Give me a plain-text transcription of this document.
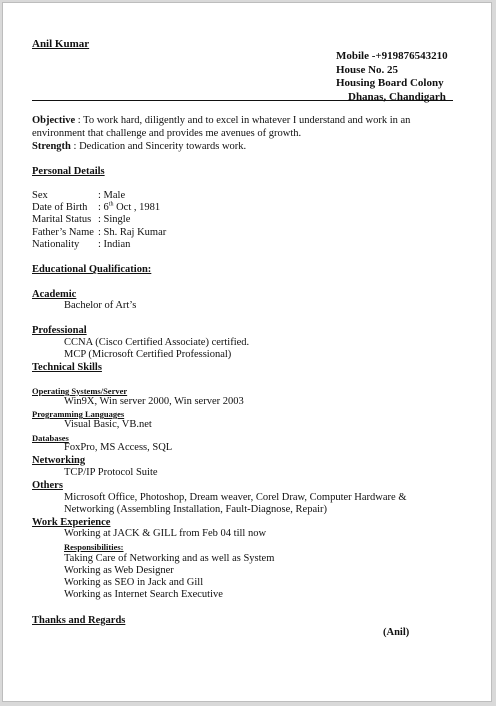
Anil Kumar
Mobile -+919876543210
House No. 25
Housing Board Colony
Dhanas, Chandigarh
Objective : To work hard, diligently and to excel in whatever I understand and work in an environment that challenge and provides me avenues of growth.
Strength : Dedication and Sincerity towards work.
Personal Details
Sex	: Male
Date of Birth : 6th Oct , 1981
Marital Status : Single
Father’s Name : Sh. Raj Kumar
Nationality : Indian
Educational Qualification:
Academic
Bachelor of Art’s
Professional
CCNA (Cisco Certified Associate) certified.
MCP (Microsoft Certified Professional)
Technical Skills
Operating Systems/Server
Win9X, Win server 2000, Win server 2003
Programming Languages
Visual Basic, VB.net
Databases
FoxPro, MS Access, SQL
Networking
TCP/IP Protocol Suite
Others
Microsoft Office, Photoshop, Dream weaver, Corel Draw, Computer Hardware &
Networking (Assembling Installation, Fault-Diagnose, Repair)
Work Experience
Working at JACK & GILL from Feb 04 till now
Responsibilities:
Taking Care of Networking and as well as System
Working as Web Designer
Working as SEO in Jack and Gill
Working as Internet Search Executive
Thanks and Regards
(Anil)
